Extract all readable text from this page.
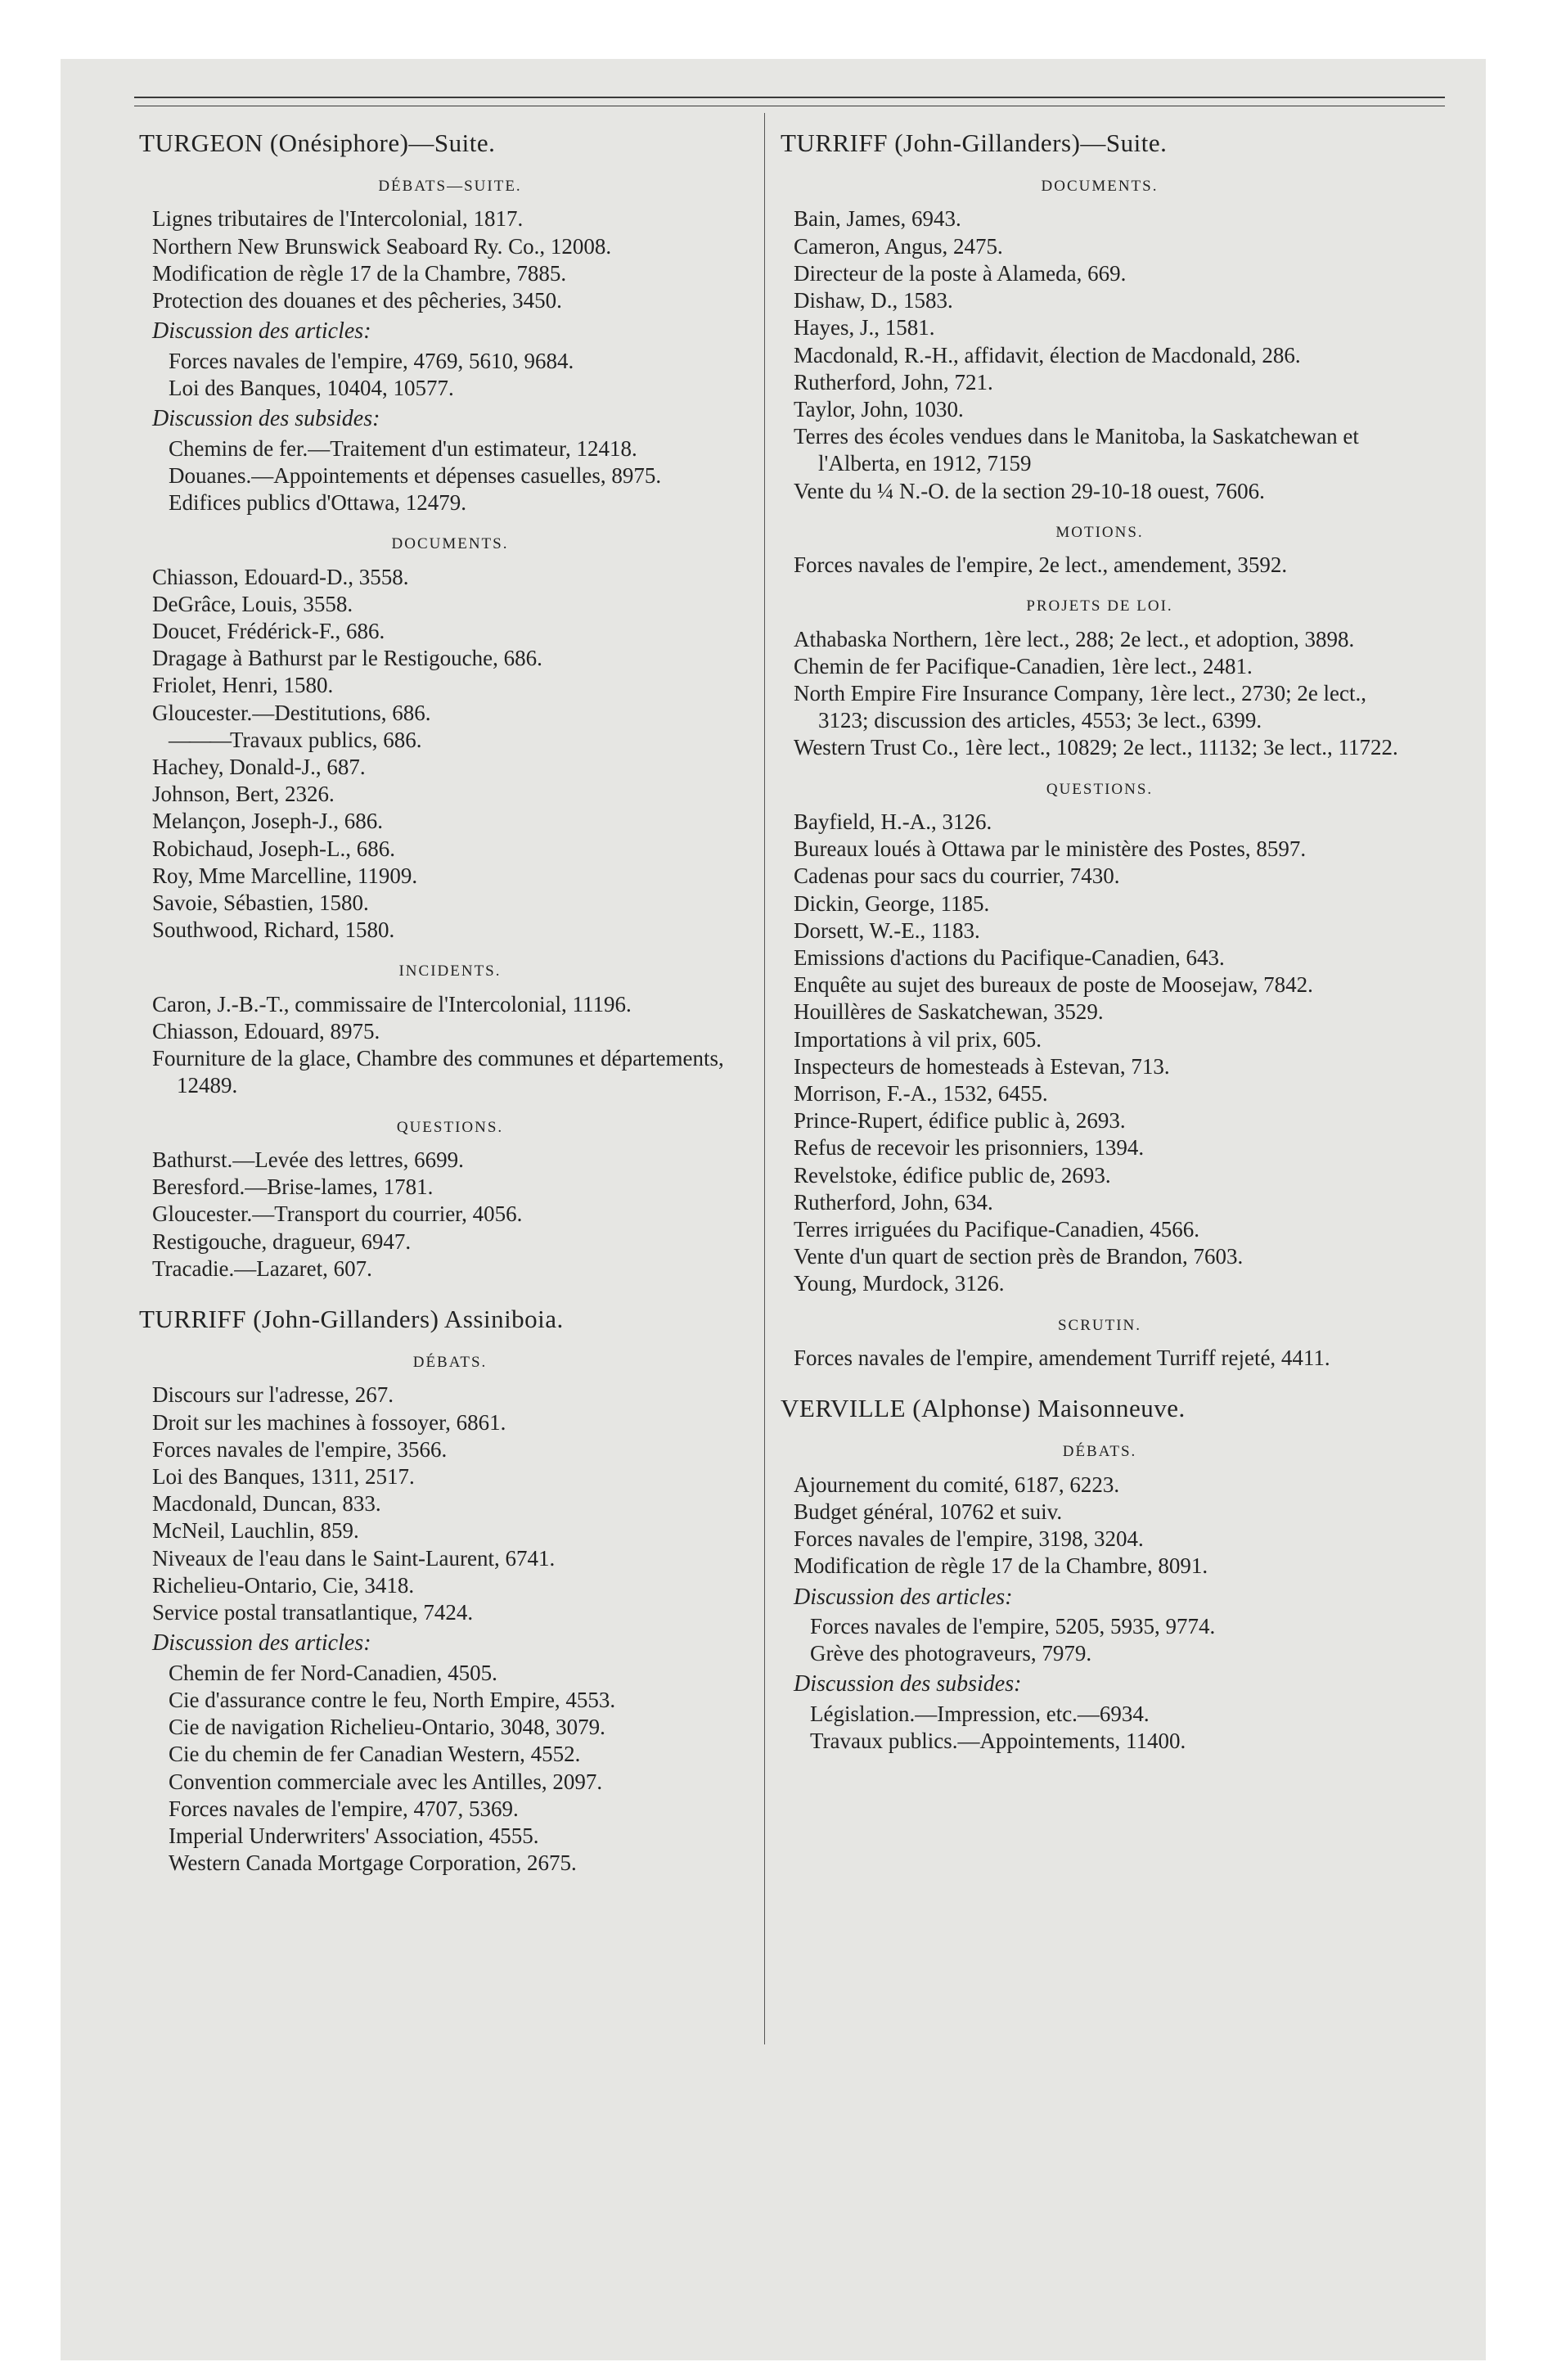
TURGEON (Onésiphore)—Suite.
DÉBATS—SUITE.
Lignes tributaires de l'Intercolonial, 1817.
Northern New Brunswick Seaboard Ry. Co., 12008.
Modification de règle 17 de la Chambre, 7885.
Protection des douanes et des pêcheries, 3450.
Discussion des articles:
Forces navales de l'empire, 4769, 5610, 9684.
Loi des Banques, 10404, 10577.
Discussion des subsides:
Chemins de fer.—Traitement d'un estimateur, 12418.
Douanes.—Appointements et dépenses casuelles, 8975.
Edifices publics d'Ottawa, 12479.
DOCUMENTS.
Chiasson, Edouard-D., 3558.
DeGrâce, Louis, 3558.
Doucet, Frédérick-F., 686.
Dragage à Bathurst par le Restigouche, 686.
Friolet, Henri, 1580.
Gloucester.—Destitutions, 686.
——— Travaux publics, 686.
Hachey, Donald-J., 687.
Johnson, Bert, 2326.
Melançon, Joseph-J., 686.
Robichaud, Joseph-L., 686.
Roy, Mme Marcelline, 11909.
Savoie, Sébastien, 1580.
Southwood, Richard, 1580.
INCIDENTS.
Caron, J.-B.-T., commissaire de l'Intercolonial, 11196.
Chiasson, Edouard, 8975.
Fourniture de la glace, Chambre des communes et départements, 12489.
QUESTIONS.
Bathurst.—Levée des lettres, 6699.
Beresford.—Brise-lames, 1781.
Gloucester.—Transport du courrier, 4056.
Restigouche, dragueur, 6947.
Tracadie.—Lazaret, 607.
TURRIFF (John-Gillanders) Assiniboia.
DÉBATS.
Discours sur l'adresse, 267.
Droit sur les machines à fossoyer, 6861.
Forces navales de l'empire, 3566.
Loi des Banques, 1311, 2517.
Macdonald, Duncan, 833.
McNeil, Lauchlin, 859.
Niveaux de l'eau dans le Saint-Laurent, 6741.
Richelieu-Ontario, Cie, 3418.
Service postal transatlantique, 7424.
Discussion des articles:
Chemin de fer Nord-Canadien, 4505.
Cie d'assurance contre le feu, North Empire, 4553.
Cie de navigation Richelieu-Ontario, 3048, 3079.
Cie du chemin de fer Canadian Western, 4552.
Convention commerciale avec les Antilles, 2097.
Forces navales de l'empire, 4707, 5369.
Imperial Underwriters' Association, 4555.
Western Canada Mortgage Corporation, 2675.
TURRIFF (John-Gillanders)—Suite.
DOCUMENTS.
Bain, James, 6943.
Cameron, Angus, 2475.
Directeur de la poste à Alameda, 669.
Dishaw, D., 1583.
Hayes, J., 1581.
Macdonald, R.-H., affidavit, élection de Macdonald, 286.
Rutherford, John, 721.
Taylor, John, 1030.
Terres des écoles vendues dans le Manitoba, la Saskatchewan et l'Alberta, en 1912, 7159
Vente du ¼ N.-O. de la section 29-10-18 ouest, 7606.
MOTIONS.
Forces navales de l'empire, 2e lect., amendement, 3592.
PROJETS DE LOI.
Athabaska Northern, 1ère lect., 288; 2e lect., et adoption, 3898.
Chemin de fer Pacifique-Canadien, 1ère lect., 2481.
North Empire Fire Insurance Company, 1ère lect., 2730; 2e lect., 3123; discussion des articles, 4553; 3e lect., 6399.
Western Trust Co., 1ère lect., 10829; 2e lect., 11132; 3e lect., 11722.
QUESTIONS.
Bayfield, H.-A., 3126.
Bureaux loués à Ottawa par le ministère des Postes, 8597.
Cadenas pour sacs du courrier, 7430.
Dickin, George, 1185.
Dorsett, W.-E., 1183.
Emissions d'actions du Pacifique-Canadien, 643.
Enquête au sujet des bureaux de poste de Moosejaw, 7842.
Houillères de Saskatchewan, 3529.
Importations à vil prix, 605.
Inspecteurs de homesteads à Estevan, 713.
Morrison, F.-A., 1532, 6455.
Prince-Rupert, édifice public à, 2693.
Refus de recevoir les prisonniers, 1394.
Revelstoke, édifice public de, 2693.
Rutherford, John, 634.
Terres irriguées du Pacifique-Canadien, 4566.
Vente d'un quart de section près de Brandon, 7603.
Young, Murdock, 3126.
SCRUTIN.
Forces navales de l'empire, amendement Turriff rejeté, 4411.
VERVILLE (Alphonse) Maisonneuve.
DÉBATS.
Ajournement du comité, 6187, 6223.
Budget général, 10762 et suiv.
Forces navales de l'empire, 3198, 3204.
Modification de règle 17 de la Chambre, 8091.
Discussion des articles:
Forces navales de l'empire, 5205, 5935, 9774.
Grève des photograveurs, 7979.
Discussion des subsides:
Législation.—Impression, etc.—6934.
Travaux publics.—Appointements, 11400.
